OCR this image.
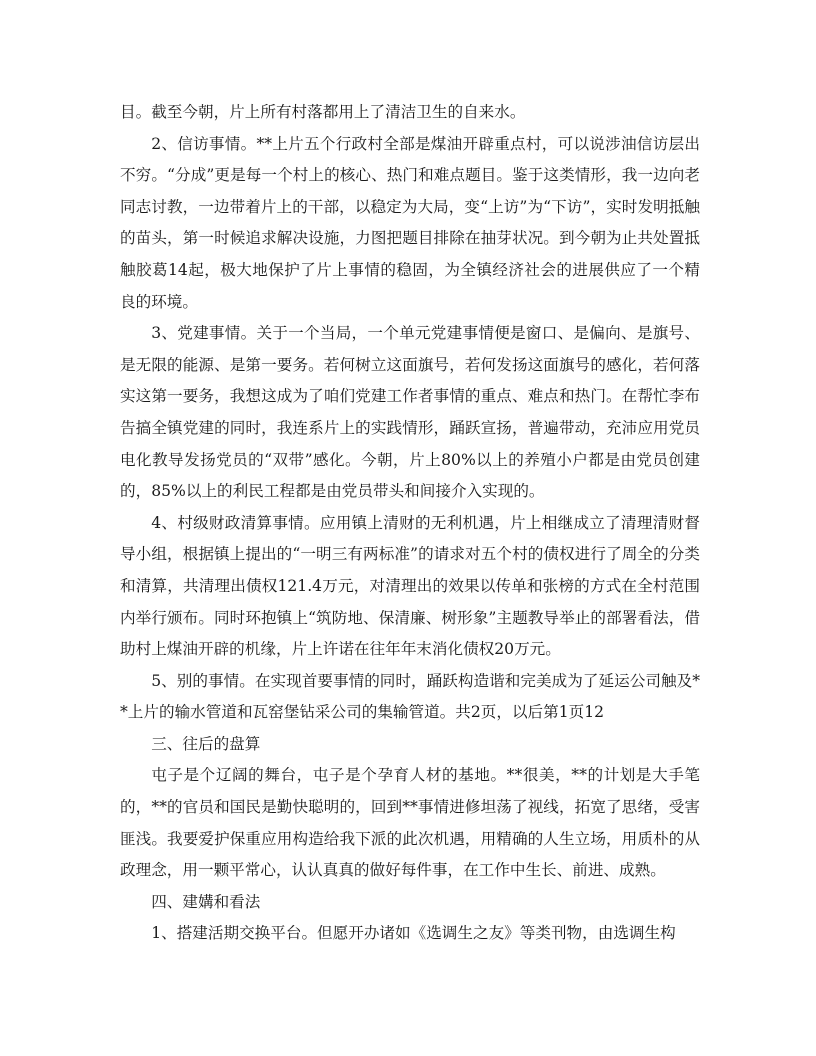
目。截至今朝，片上所有村落都用上了清洁卫生的自来水。

2、信访事情。**上片五个行政村全部是煤油开辟重点村，可以说涉油信访层出不穷。“分成”更是每一个村上的核心、热门和难点题目。鉴于这类情形，我一边向老同志讨教，一边带着片上的干部，以稳定为大局，变“上访”为“下访”，实时发明抵触的苗头，第一时候追求解决设施，力图把题目排除在抽芽状况。到今朝为止共处置抵触胶葛14起，极大地保护了片上事情的稳固，为全镇经济社会的进展供应了一个精良的环境。

3、党建事情。关于一个当局，一个单元党建事情便是窗口、是偏向、是旗号、是无限的能源、是第一要务。若何树立这面旗号，若何发扬这面旗号的感化，若何落实这第一要务，我想这成为了咱们党建工作者事情的重点、难点和热门。在帮忙李布告搞全镇党建的同时，我连系片上的实践情形，踊跃宣扬，普遍带动，充沛应用党员电化教导发扬党员的“双带”感化。今朝，片上80%以上的养殖小户都是由党员创建的，85%以上的利民工程都是由党员带头和间接介入实现的。

4、村级财政清算事情。应用镇上清财的无利机遇，片上相继成立了清理清财督导小组，根据镇上提出的“一明三有两标准”的请求对五个村的债权进行了周全的分类和清算，共清理出债权121.4万元，对清理出的效果以传单和张榜的方式在全村范围内举行颁布。同时环抱镇上“筑防地、保清廉、树形象”主题教导举止的部署看法，借助村上煤油开辟的机缘，片上许诺在往年年末消化债权20万元。

5、别的事情。在实现首要事情的同时，踊跃构造谐和完美成为了延运公司触及**上片的输水管道和瓦窑堡钻采公司的集输管道。共2页，以后第1页12

三、往后的盘算

屯子是个辽阔的舞台，屯子是个孕育人材的基地。**很美，**的计划是大手笔的，**的官员和国民是勤快聪明的，回到**事情进修坦荡了视线，拓宽了思绪，受害匪浅。我要爱护保重应用构造给我下派的此次机遇，用精确的人生立场，用质朴的从政理念，用一颗平常心，认认真真的做好每件事，在工作中生长、前进、成熟。

四、建媾和看法

1、搭建活期交换平台。但愿开办诸如《选调生之友》等类刊物，由选调生构
